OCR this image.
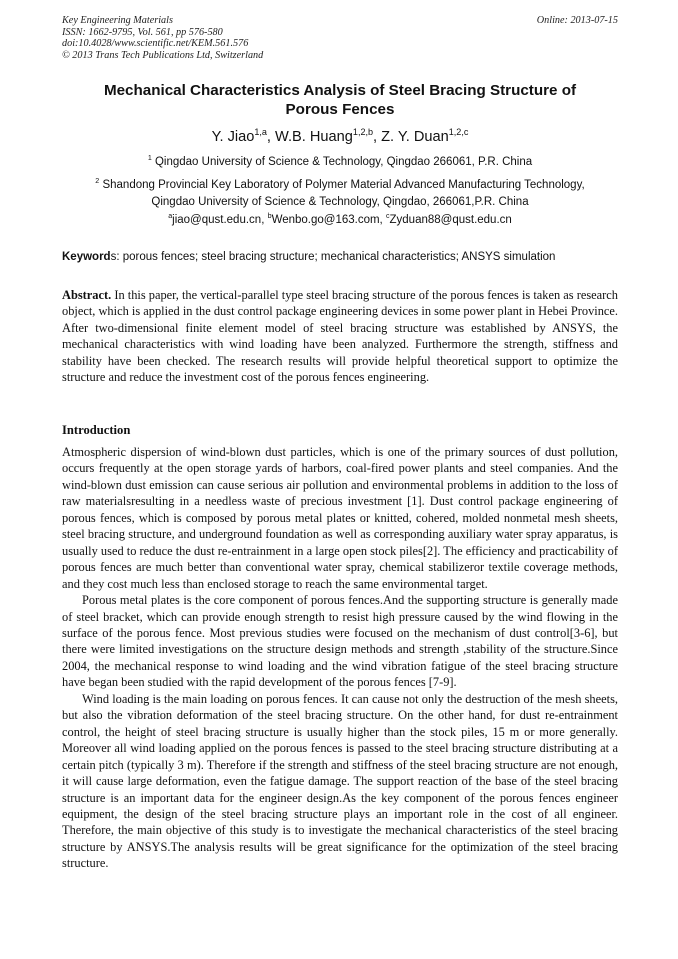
Key Engineering Materials
ISSN: 1662-9795, Vol. 561, pp 576-580
doi:10.4028/www.scientific.net/KEM.561.576
© 2013 Trans Tech Publications Ltd, Switzerland
Online: 2013-07-15
Mechanical Characteristics Analysis of Steel Bracing Structure of
Porous Fences
Y. Jiao$^{1,a}$, W.B. Huang$^{1,2,b}$, Z. Y. Duan$^{1,2,c}$
$^1$ Qingdao University of Science & Technology, Qingdao 266061, P.R. China
$^2$ Shandong Provincial Key Laboratory of Polymer Material Advanced Manufacturing Technology,
Qingdao University of Science & Technology, Qingdao, 266061,P.R. China
$^a$jiao@qust.edu.cn, $^b$Wenbo.go@163.com, $^c$Zyduan88@qust.edu.cn
Keywords: porous fences; steel bracing structure; mechanical characteristics; ANSYS simulation

Abstract. In this paper, the vertical-parallel type steel bracing structure of the porous fences is taken as research object, which is applied in the dust control package engineering devices in some power plant in Hebei Province. After two-dimensional finite element model of steel bracing structure was established by ANSYS, the mechanical characteristics with wind loading have been analyzed. Furthermore the strength, stiffness and stability have been checked. The research results will provide helpful theoretical support to optimize the structure and reduce the investment cost of the porous fences engineering.

Introduction

Atmospheric dispersion of wind-blown dust particles, which is one of the primary sources of dust pollution, occurs frequently at the open storage yards of harbors, coal-fired power plants and steel companies. And the wind-blown dust emission can cause serious air pollution and environmental problems in addition to the loss of raw materialsresulting in a needless waste of precious investment [1]. Dust control package engineering of porous fences, which is composed by porous metal plates or knitted, cohered, molded nonmetal mesh sheets, steel bracing structure, and underground foundation as well as corresponding auxiliary water spray apparatus, is usually used to reduce the dust re-entrainment in a large open stock piles[2]. The efficiency and practicability of porous fences are much better than conventional water spray, chemical stabilizeror textile coverage methods, and they cost much less than enclosed storage to reach the same environmental target.

Porous metal plates is the core component of porous fences.And the supporting structure is generally made of steel bracket, which can provide enough strength to resist high pressure caused by the wind flowing in the surface of the porous fence. Most previous studies were focused on the mechanism of dust control[3-6], but there were limited investigations on the structure design methods and strength ,stability of the structure.Since 2004, the mechanical response to wind loading and the wind vibration fatigue of the steel bracing structure have began been studied with the rapid development of the porous fences [7-9].

Wind loading is the main loading on porous fences. It can cause not only the destruction of the mesh sheets, but also the vibration deformation of the steel bracing structure. On the other hand, for dust re-entrainment control, the height of steel bracing structure is usually higher than the stock piles, 15 m or more generally. Moreover all wind loading applied on the porous fences is passed to the steel bracing structure distributing at a certain pitch (typically 3 m). Therefore if the strength and stiffness of the steel bracing structure are not enough, it will cause large deformation, even the fatigue damage. The support reaction of the base of the steel bracing structure is an important data for the engineer design.As the key component of the porous fences engineer equipment, the design of the steel bracing structure plays an important role in the cost of all engineer. Therefore, the main objective of this study is to investigate the mechanical characteristics of the steel bracing structure by ANSYS.The analysis results will be great significance for the optimization of the steel bracing structure.
